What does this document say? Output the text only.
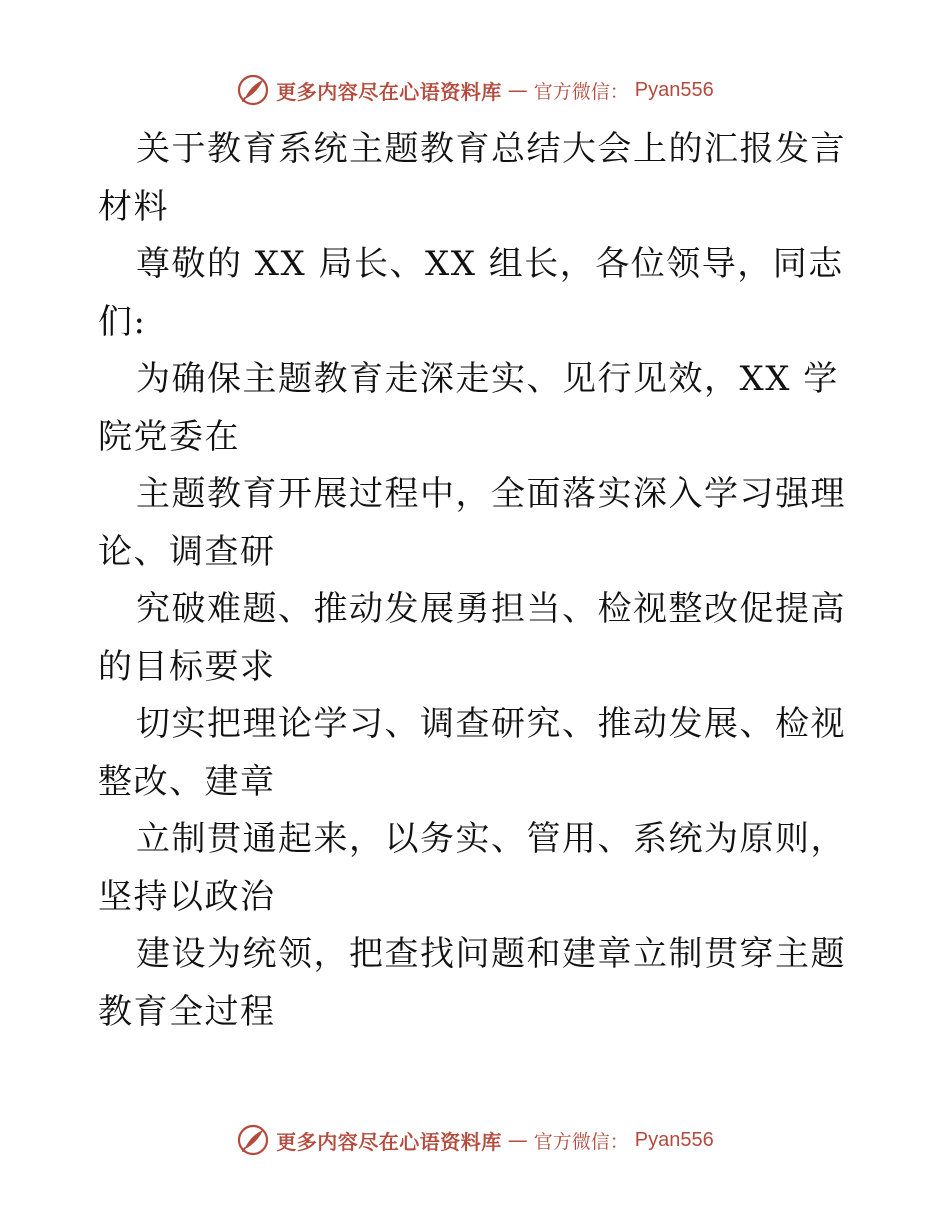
更多内容尽在心语资料库 — 官方微信： Pyan556

关于教育系统主题教育总结大会上的汇报发言材料

尊敬的 XX 局长、XX 组长，各位领导，同志们:

为确保主题教育走深走实、见行见效，XX 学院党委在

主题教育开展过程中，全面落实深入学习强理论、调查研

究破难题、推动发展勇担当、检视整改促提高的目标要求

切实把理论学习、调查研究、推动发展、检视整改、建章

立制贯通起来，以务实、管用、系统为原则，坚持以政治

建设为统领，把查找问题和建章立制贯穿主题教育全过程

更多内容尽在心语资料库 — 官方微信： Pyan556
